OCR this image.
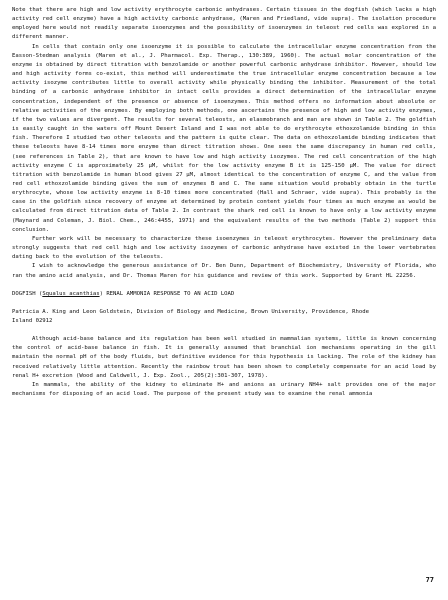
Note that there are high and low activity erythrocyte carbonic anhydrases. Certain tissues in the dogfish (which lacks a high activity red cell enzyme) have a high activity carbonic anhydrase, (Maren and Friedland, vide supra). The isolation procedure employed here would not readily separate isoenzymes and the possibility of isoenzymes in teleost red cells was explored in a different manner.

In cells that contain only one isoenzyme it is possible to calculate the intracellular enzyme concentration from the Easson-Stedman analysis (Maren et al., J. Pharmacol. Exp. Therap., 130:389, 1960). The actual molar concentration of the enzyme is obtained by direct titration with benzolamide or another powerful carbonic anhydrase inhibitor. However, should low and high activity forms co-exist, this method will underestimate the true intracellular enzyme concentration because a low activity isozyme contributes little to overall activity while physically binding the inhibitor. Measurement of the total binding of a carbonic anhydrase inhibitor in intact cells provides a direct determination of the intracellular enzyme concentration, independent of the presence or absence of isoenzymes. This method offers no information about absolute or relative activities of the enzymes. By employing both methods, one ascertains the presence of high and low activity enzymes, if the two values are divergent. The results for several teleosts, an elasmobranch and man are shown in Table 2. The goldfish is easily caught in the waters off Mount Desert Island and I was not able to do erythrocyte ethoxzolamide binding in this fish. Therefore I studied two other teleosts and the pattern is quite clear. The data on ethoxzolamide binding indicates that these teleosts have 8-14 times more enzyme than direct titration shows. One sees the same discrepancy in human red cells, (see references in Table 2), that are known to have low and high activity isozymes. The red cell concentration of the high activity enzyme C is approximately 25 µM, whilst for the low activity enzyme B it is 125-150 µM. The value for direct titration with benzolamide in human blood gives 27 µM, almost identical to the concentration of enzyme C, and the value from red cell ethoxzolamide binding gives the sum of enzymes B and C. The same situation would probably obtain in the turtle erythrocyte, whose low activity enzyme is 8-10 times more concentrated (Hall and Schraer, vide supra). This probably is the case in the goldfish since recovery of enzyme at determined by protein content yields four times as much enzyme as would be calculated from direct titration data of Table 2. In contrast the shark red cell is known to have only a low activity enzyme (Maynard and Coleman, J. Biol. Chem., 246:4455, 1971) and the equivalent results of the two methods (Table 2) support this conclusion.

Further work will be necessary to characterize these isoenzymes in teleost erythrocytes. However the preliminary data strongly suggests that red cell high and low activity isozymes of carbonic anhydrase have existed in the lower vertebrates dating back to the evolution of the teleosts.

I wish to acknowledge the generous assistance of Dr. Ben Dunn, Department of Biochemistry, University of Florida, who ran the amino acid analysis, and Dr. Thomas Maren for his guidance and review of this work. Supported by Grant HL 22256.

DOGFISH (Squalus acanthias) RENAL AMMONIA RESPONSE TO AN ACID LOAD
Patricia A. King and Leon Goldstein, Division of Biology and Medicine, Brown University, Providence, Rhode
Island 02912

Although acid-base balance and its regulation has been well studied in mammalian systems, little is known concerning the control of acid-base balance in fish. It is generally assumed that branchial ion mechanisms operating in the gill maintain the normal pH of the body fluids, but definitive evidence for this hypothesis is lacking. The role of the kidney has received relatively little attention. Recently the rainbow trout has been shown to completely compensate for an acid load by renal H+ excretion (Wood and Caldwell, J. Exp. Zool., 205(2):301-307, 1978).

In mammals, the ability of the kidney to eliminate H+ and anions as urinary NH4+ salt provides one of the major mechanisms for disposing of an acid load. The purpose of the present study was to examine the renal ammonia

77
